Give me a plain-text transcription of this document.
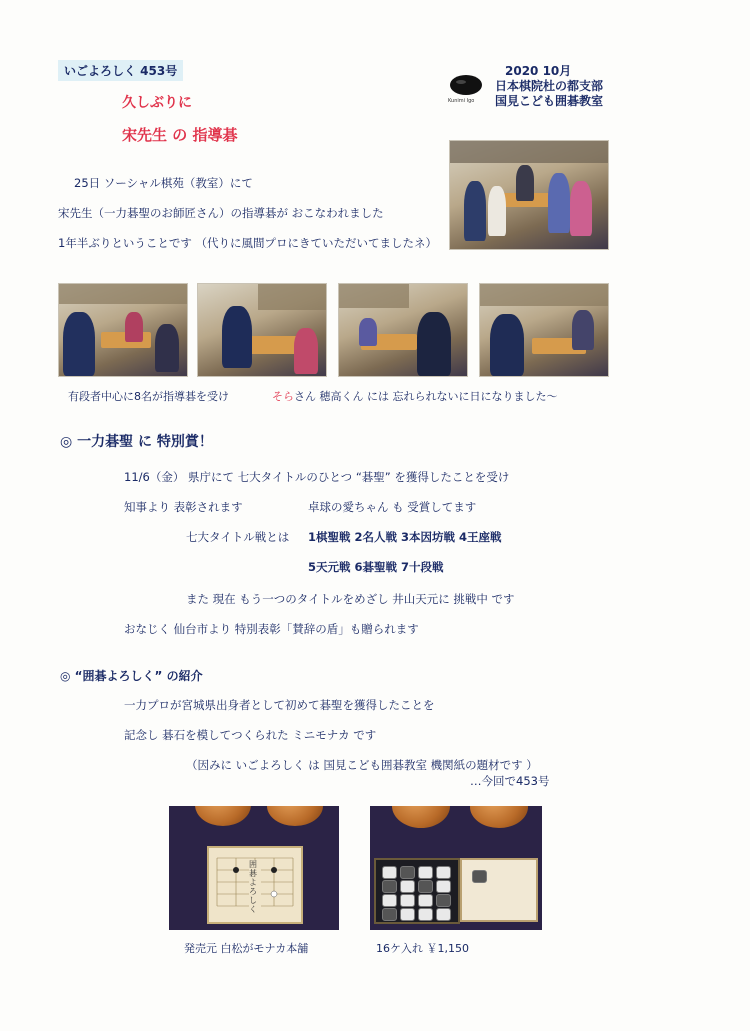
いごよろしく 453号
久しぶりに
宋先生 の 指導碁
Kunimi Igo
2020 10月
日本棋院杜の都支部
国見こども囲碁教室
25日 ソーシャル棋苑（教室）にて
宋先生（一力碁聖のお師匠さん）の指導碁が おこなわれました
1年半ぶりということです （代りに風間プロにきていただいてましたネ）
有段者中心に8名が指導碁を受け	そらさん 穂高くん には 忘れられないに日になりました～
◎ 一力碁聖 に 特別賞！
11/6（金） 県庁にて 七大タイトルのひとつ “碁聖” を獲得したことを受け
知事より 表彰されます	卓球の愛ちゃん も 受賞してます
七大タイトル戦とは 1棋聖戦 2名人戦 3本因坊戦 4王座戦
5天元戦 6碁聖戦 7十段戦
また 現在 もう一つのタイトルをめざし 井山天元に 挑戦中 です
おなじく 仙台市より 特別表彰「賛辞の盾」も贈られます
◎ “囲碁よろしく” の紹介
一力プロが宮城県出身者として初めて碁聖を獲得したことを
記念し 碁石を模してつくられた ミニモナカ です
（因みに いごよろしく は 国見こども囲碁教室 機関紙の題材です ）
…今回で453号
囲碁よろしく
発売元 白松がモナカ本舗	16ケ入れ ￥1,150
